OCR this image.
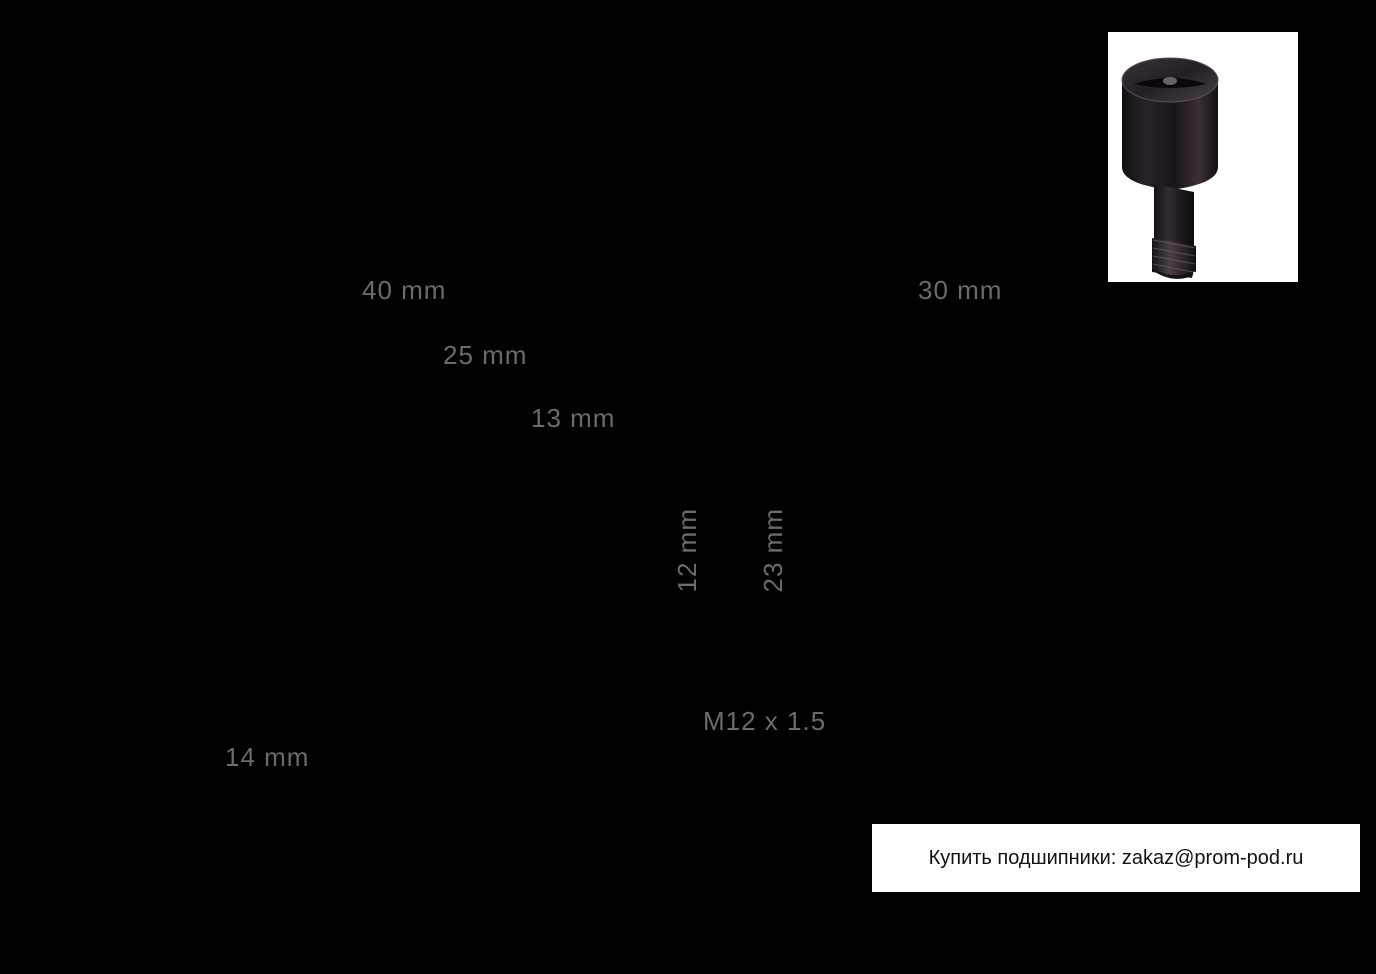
40 mm
25 mm
13 mm
30 mm
12 mm 23 mm
M12 x 1.5
14 mm
Купить подшипники: zakaz@prom-pod.ru
